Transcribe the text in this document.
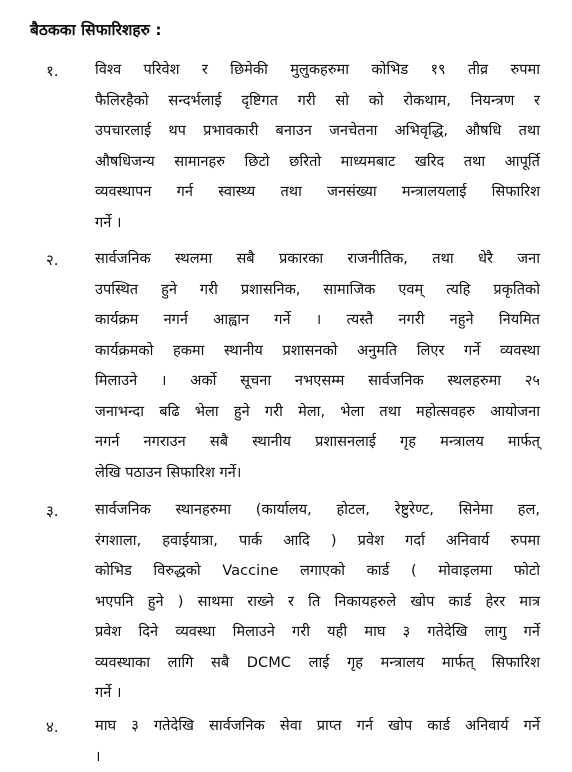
बैठकका सिफारिशहरु :
१. विश्व परिवेश र छिमेकी मुलुकहरुमा कोभिड १९ तीव्र रुपमा
फैलिरहैको सन्दर्भलाई दृष्टिगत गरी सो को रोकथाम, नियन्त्रण र
उपचारलाई थप प्रभावकारी बनाउन जनचेतना अभिवृद्धि, औषधि तथा
औषधिजन्य सामानहरु छिटो छरितो माध्यमबाट खरिद तथा आपूर्ति
व्यवस्थापन गर्न स्वास्थ्य तथा जनसंख्या मन्त्रालयलाई सिफारिश
गर्ने ।
२. सार्वजनिक स्थलमा सबै प्रकारका राजनीतिक, तथा धेरै जना
उपस्थित हुने गरी प्रशासनिक, सामाजिक एवम् त्यहि प्रकृतिको
कार्यक्रम नगर्न आह्वान गर्ने । त्यस्तै नगरी नहुने नियमित
कार्यक्रमको हकमा स्थानीय प्रशासनको अनुमति लिएर गर्ने व्यवस्था
मिलाउने । अर्को सूचना नभएसम्म सार्वजनिक स्थलहरुमा २५
जनाभन्दा बढि भेला हुने गरी मेला, भेला तथा महोत्सवहरु आयोजना
नगर्न नगराउन सबै स्थानीय प्रशासनलाई गृह मन्त्रालय मार्फत्
लेखि पठाउन सिफारिश गर्ने।
३. सार्वजनिक स्थानहरुमा (कार्यालय, होटल, रेष्टुरेण्ट, सिनेमा हल,
रंगशाला, हवाईयात्रा, पार्क आदि ) प्रवेश गर्दा अनिवार्य रुपमा
कोभिड विरुद्धको Vaccine लगाएको कार्ड ( मोवाइलमा फोटो
भएपनि हुने ) साथमा राख्ने र ति निकायहरुले खोप कार्ड हेरर मात्र
प्रवेश दिने व्यवस्था मिलाउने गरी यही माघ ३ गतेदेखि लागु गर्ने
व्यवस्थाका लागि सबै DCMC लाई गृह मन्त्रालय मार्फत् सिफारिश
गर्ने ।
४. माघ ३ गतेदेखि सार्वजनिक सेवा प्राप्त गर्न खोप कार्ड अनिवार्य गर्ने
।
